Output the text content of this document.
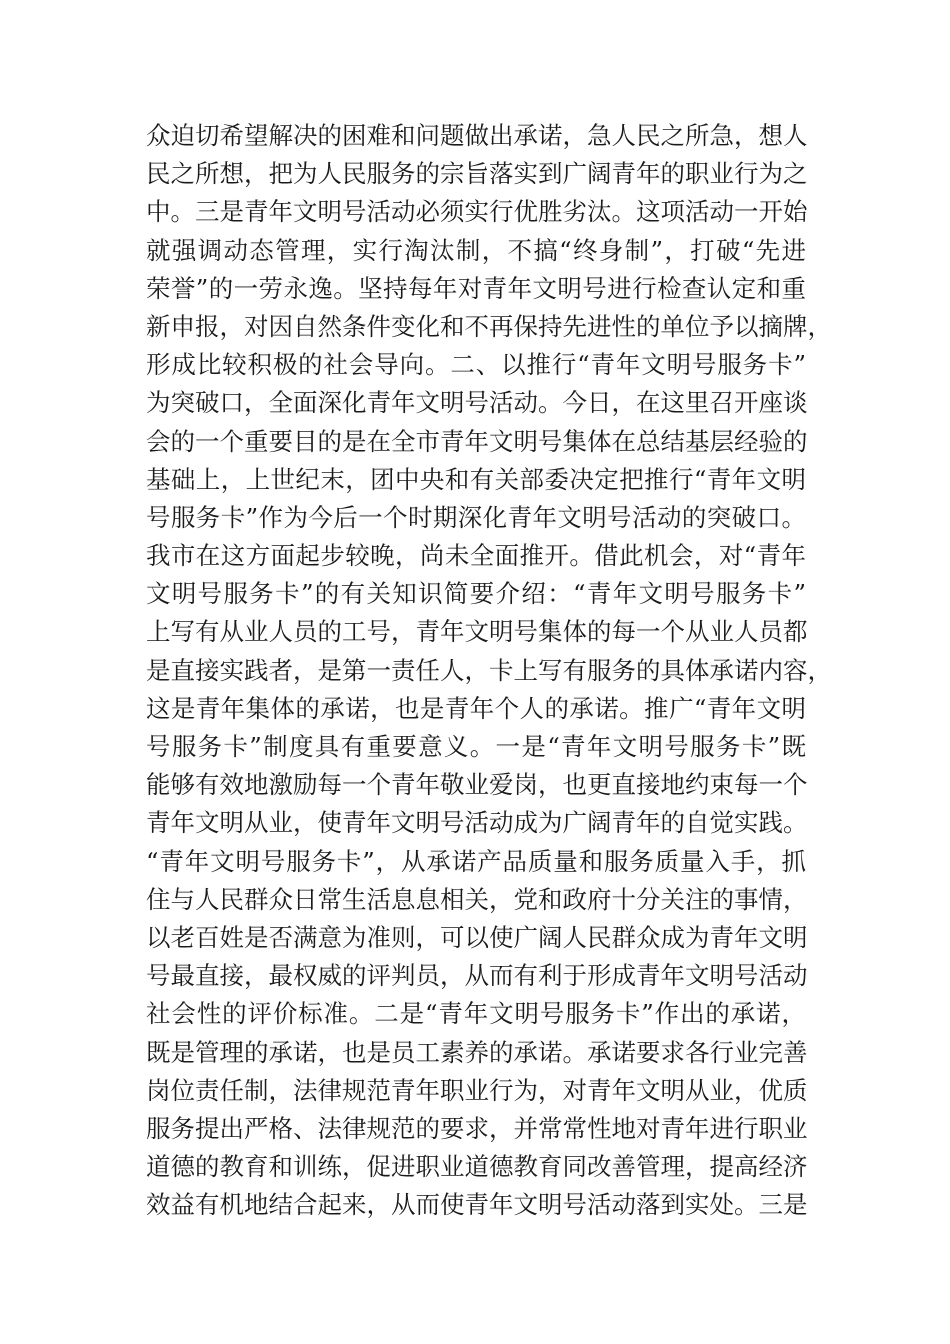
众迫切希望解决的困难和问题做出承诺，急人民之所急，想人
民之所想，把为人民服务的宗旨落实到广阔青年的职业行为之
中。三是青年文明号活动必须实行优胜劣汰。这项活动一开始
就强调动态管理，实行淘汰制，不搞“终身制”，打破“先进
荣誉”的一劳永逸。坚持每年对青年文明号进行检查认定和重
新申报，对因自然条件变化和不再保持先进性的单位予以摘牌，
形成比较积极的社会导向。二、以推行“青年文明号服务卡”
为突破口，全面深化青年文明号活动。今日，在这里召开座谈
会的一个重要目的是在全市青年文明号集体在总结基层经验的
基础上，上世纪末，团中央和有关部委决定把推行“青年文明
号服务卡”作为今后一个时期深化青年文明号活动的突破口。
我市在这方面起步较晚，尚未全面推开。借此机会，对“青年
文明号服务卡”的有关知识简要介绍：“青年文明号服务卡”
上写有从业人员的工号，青年文明号集体的每一个从业人员都
是直接实践者，是第一责任人，卡上写有服务的具体承诺内容，
这是青年集体的承诺，也是青年个人的承诺。推广“青年文明
号服务卡”制度具有重要意义。一是“青年文明号服务卡”既
能够有效地激励每一个青年敬业爱岗，也更直接地约束每一个
青年文明从业，使青年文明号活动成为广阔青年的自觉实践。
“青年文明号服务卡”，从承诺产品质量和服务质量入手，抓
住与人民群众日常生活息息相关，党和政府十分关注的事情，
以老百姓是否满意为准则，可以使广阔人民群众成为青年文明
号最直接，最权威的评判员，从而有利于形成青年文明号活动
社会性的评价标准。二是“青年文明号服务卡”作出的承诺，
既是管理的承诺，也是员工素养的承诺。承诺要求各行业完善
岗位责任制，法律规范青年职业行为，对青年文明从业，优质
服务提出严格、法律规范的要求，并常常性地对青年进行职业
道德的教育和训练，促进职业道德教育同改善管理，提高经济
效益有机地结合起来，从而使青年文明号活动落到实处。三是
